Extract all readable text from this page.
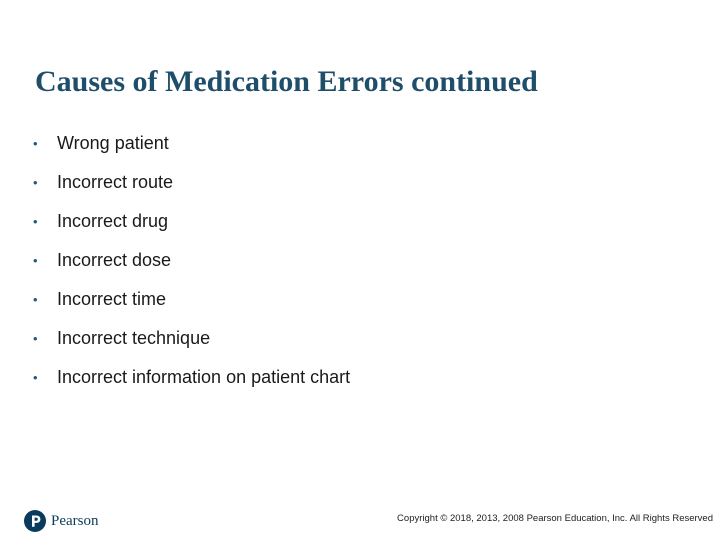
Causes of Medication Errors continued
•	Wrong patient
•	Incorrect route
•	Incorrect drug
•	Incorrect dose
•	Incorrect time
•	Incorrect technique
•	Incorrect information on patient chart
Pearson	Copyright © 2018, 2013, 2008 Pearson Education, Inc. All Rights Reserved
